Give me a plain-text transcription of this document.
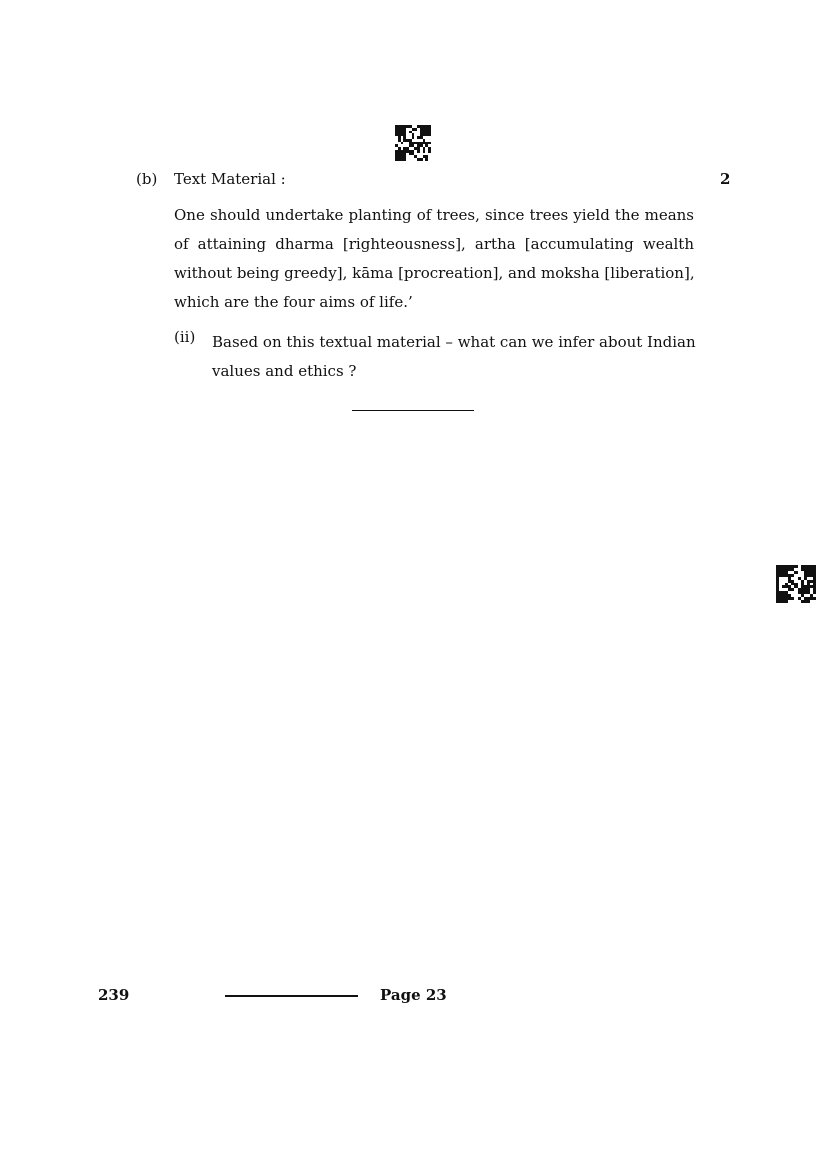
(b) Text Material :	2
One should undertake planting of trees, since trees yield the means
of attaining dharma [righteousness], artha [accumulating wealth
without being greedy], kāma [procreation], and moksha [liberation],
which are the four aims of life.’
(ii) Based on this textual material – what can we infer about Indian
values and ethics ?
239	Page 23
